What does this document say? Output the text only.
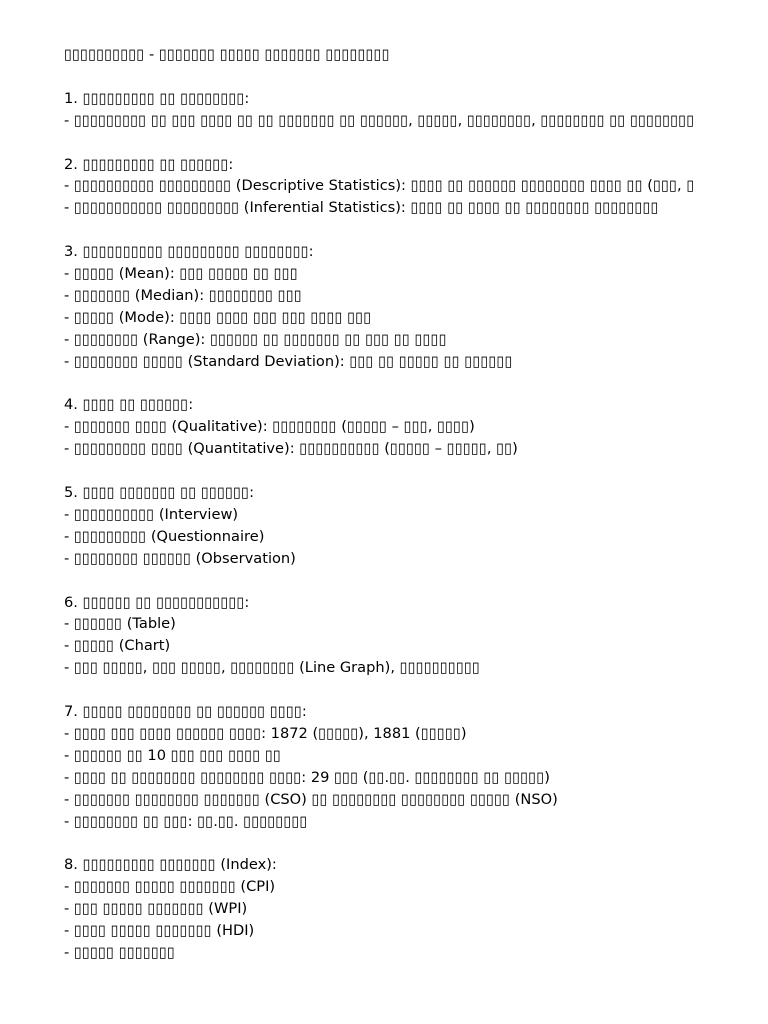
▯▯▯▯▯▯▯▯▯▯ - ▯▯▯▯▯▯▯ ▯▯▯▯▯ ▯▯▯▯▯▯▯ ▯▯▯▯▯▯▯▯
1. ▯▯▯▯▯▯▯▯▯ ▯▯ ▯▯▯▯▯▯▯▯:
- ▯▯▯▯▯▯▯▯▯ ▯▯ ▯▯▯ ▯▯▯▯ ▯▯ ▯▯ ▯▯▯▯▯▯▯ ▯▯ ▯▯▯▯▯▯, ▯▯▯▯▯, ▯▯▯▯▯▯▯▯, ▯▯▯▯▯▯▯▯ ▯▯ ▯▯▯▯▯▯▯▯
2. ▯▯▯▯▯▯▯▯▯ ▯▯ ▯▯▯▯▯▯:
- ▯▯▯▯▯▯▯▯▯▯ ▯▯▯▯▯▯▯▯▯ (Descriptive Statistics): ▯▯▯▯ ▯▯ ▯▯▯▯▯▯ ▯▯▯▯▯▯▯▯ ▯▯▯▯ ▯▯ (▯▯▯, ▯
- ▯▯▯▯▯▯▯▯▯▯▯ ▯▯▯▯▯▯▯▯▯ (Inferential Statistics): ▯▯▯▯ ▯▯ ▯▯▯▯ ▯▯ ▯▯▯▯▯▯▯▯ ▯▯▯▯▯▯▯▯
3. ▯▯▯▯▯▯▯▯▯▯ ▯▯▯▯▯▯▯▯▯ ▯▯▯▯▯▯▯▯:
- ▯▯▯▯▯ (Mean): ▯▯▯ ▯▯▯▯▯ ▯▯ ▯▯▯
- ▯▯▯▯▯▯▯ (Median): ▯▯▯▯▯▯▯▯ ▯▯▯
- ▯▯▯▯▯ (Mode): ▯▯▯▯ ▯▯▯▯ ▯▯▯ ▯▯▯ ▯▯▯▯ ▯▯▯
- ▯▯▯▯▯▯▯▯ (Range): ▯▯▯▯▯▯ ▯▯ ▯▯▯▯▯▯▯ ▯▯ ▯▯▯ ▯▯ ▯▯▯▯
- ▯▯▯▯▯▯▯▯ ▯▯▯▯▯ (Standard Deviation): ▯▯▯ ▯▯ ▯▯▯▯▯ ▯▯ ▯▯▯▯▯▯
4. ▯▯▯▯ ▯▯ ▯▯▯▯▯▯:
- ▯▯▯▯▯▯▯ ▯▯▯▯ (Qualitative): ▯▯▯▯▯▯▯▯ (▯▯▯▯▯ – ▯▯▯, ▯▯▯▯)
- ▯▯▯▯▯▯▯▯▯ ▯▯▯▯ (Quantitative): ▯▯▯▯▯▯▯▯▯▯ (▯▯▯▯▯ – ▯▯▯▯▯, ▯▯)
5. ▯▯▯▯ ▯▯▯▯▯▯▯ ▯▯ ▯▯▯▯▯▯:
- ▯▯▯▯▯▯▯▯▯▯ (Interview)
- ▯▯▯▯▯▯▯▯▯ (Questionnaire)
- ▯▯▯▯▯▯▯▯ ▯▯▯▯▯▯ (Observation)
6. ▯▯▯▯▯▯ ▯▯ ▯▯▯▯▯▯▯▯▯▯▯:
- ▯▯▯▯▯▯ (Table)
- ▯▯▯▯▯ (Chart)
- ▯▯▯ ▯▯▯▯▯, ▯▯▯ ▯▯▯▯▯, ▯▯▯▯▯▯▯▯ (Line Graph), ▯▯▯▯▯▯▯▯▯▯
7. ▯▯▯▯▯ ▯▯▯▯▯▯▯▯ ▯▯ ▯▯▯▯▯▯ ▯▯▯▯:
- ▯▯▯▯ ▯▯▯ ▯▯▯▯ ▯▯▯▯▯▯ ▯▯▯▯: 1872 (▯▯▯▯▯), 1881 (▯▯▯▯▯)
- ▯▯▯▯▯▯ ▯▯ 10 ▯▯▯ ▯▯▯ ▯▯▯▯ ▯▯
- ▯▯▯▯ ▯▯ ▯▯▯▯▯▯▯▯ ▯▯▯▯▯▯▯▯ ▯▯▯▯: 29 ▯▯▯ (▯▯.▯▯. ▯▯▯▯▯▯▯▯ ▯▯ ▯▯▯▯▯)
- ▯▯▯▯▯▯▯ ▯▯▯▯▯▯▯▯ ▯▯▯▯▯▯▯ (CSO) ▯▯ ▯▯▯▯▯▯▯▯ ▯▯▯▯▯▯▯▯ ▯▯▯▯▯ (NSO)
- ▯▯▯▯▯▯▯▯ ▯▯ ▯▯▯: ▯▯.▯▯. ▯▯▯▯▯▯▯▯
8. ▯▯▯▯▯▯▯▯▯ ▯▯▯▯▯▯▯ (Index):
- ▯▯▯▯▯▯▯ ▯▯▯▯▯ ▯▯▯▯▯▯▯ (CPI)
- ▯▯▯ ▯▯▯▯▯ ▯▯▯▯▯▯▯ (WPI)
- ▯▯▯▯ ▯▯▯▯▯ ▯▯▯▯▯▯▯ (HDI)
- ▯▯▯▯▯ ▯▯▯▯▯▯▯
